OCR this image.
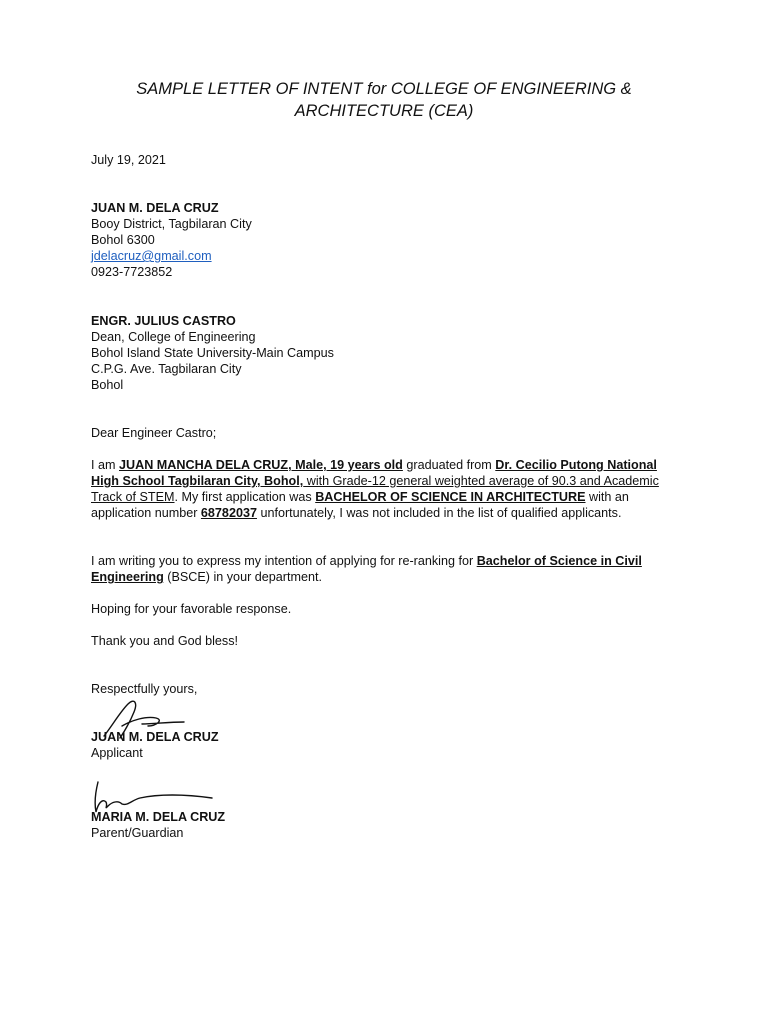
SAMPLE LETTER OF INTENT for COLLEGE OF ENGINEERING &
ARCHITECTURE (CEA)
July 19, 2021
JUAN M. DELA CRUZ
Booy District, Tagbilaran City
Bohol 6300
jdelacruz@gmail.com
0923-7723852
ENGR. JULIUS CASTRO
Dean, College of Engineering
Bohol Island State University-Main Campus
C.P.G. Ave. Tagbilaran City
Bohol
Dear Engineer Castro;
I am JUAN MANCHA DELA CRUZ, Male, 19 years old graduated from Dr. Cecilio Putong National High School Tagbilaran City, Bohol, with Grade-12 general weighted average of 90.3 and Academic Track of STEM. My first application was BACHELOR OF SCIENCE IN ARCHITECTURE with an application number 68782037 unfortunately, I was not included in the list of qualified applicants.
I am writing you to express my intention of applying for re-ranking for Bachelor of Science in Civil Engineering (BSCE) in your department.
Hoping for your favorable response.
Thank you and God bless!
Respectfully yours,
JUAN M. DELA CRUZ
Applicant
MARIA M. DELA CRUZ
Parent/Guardian
